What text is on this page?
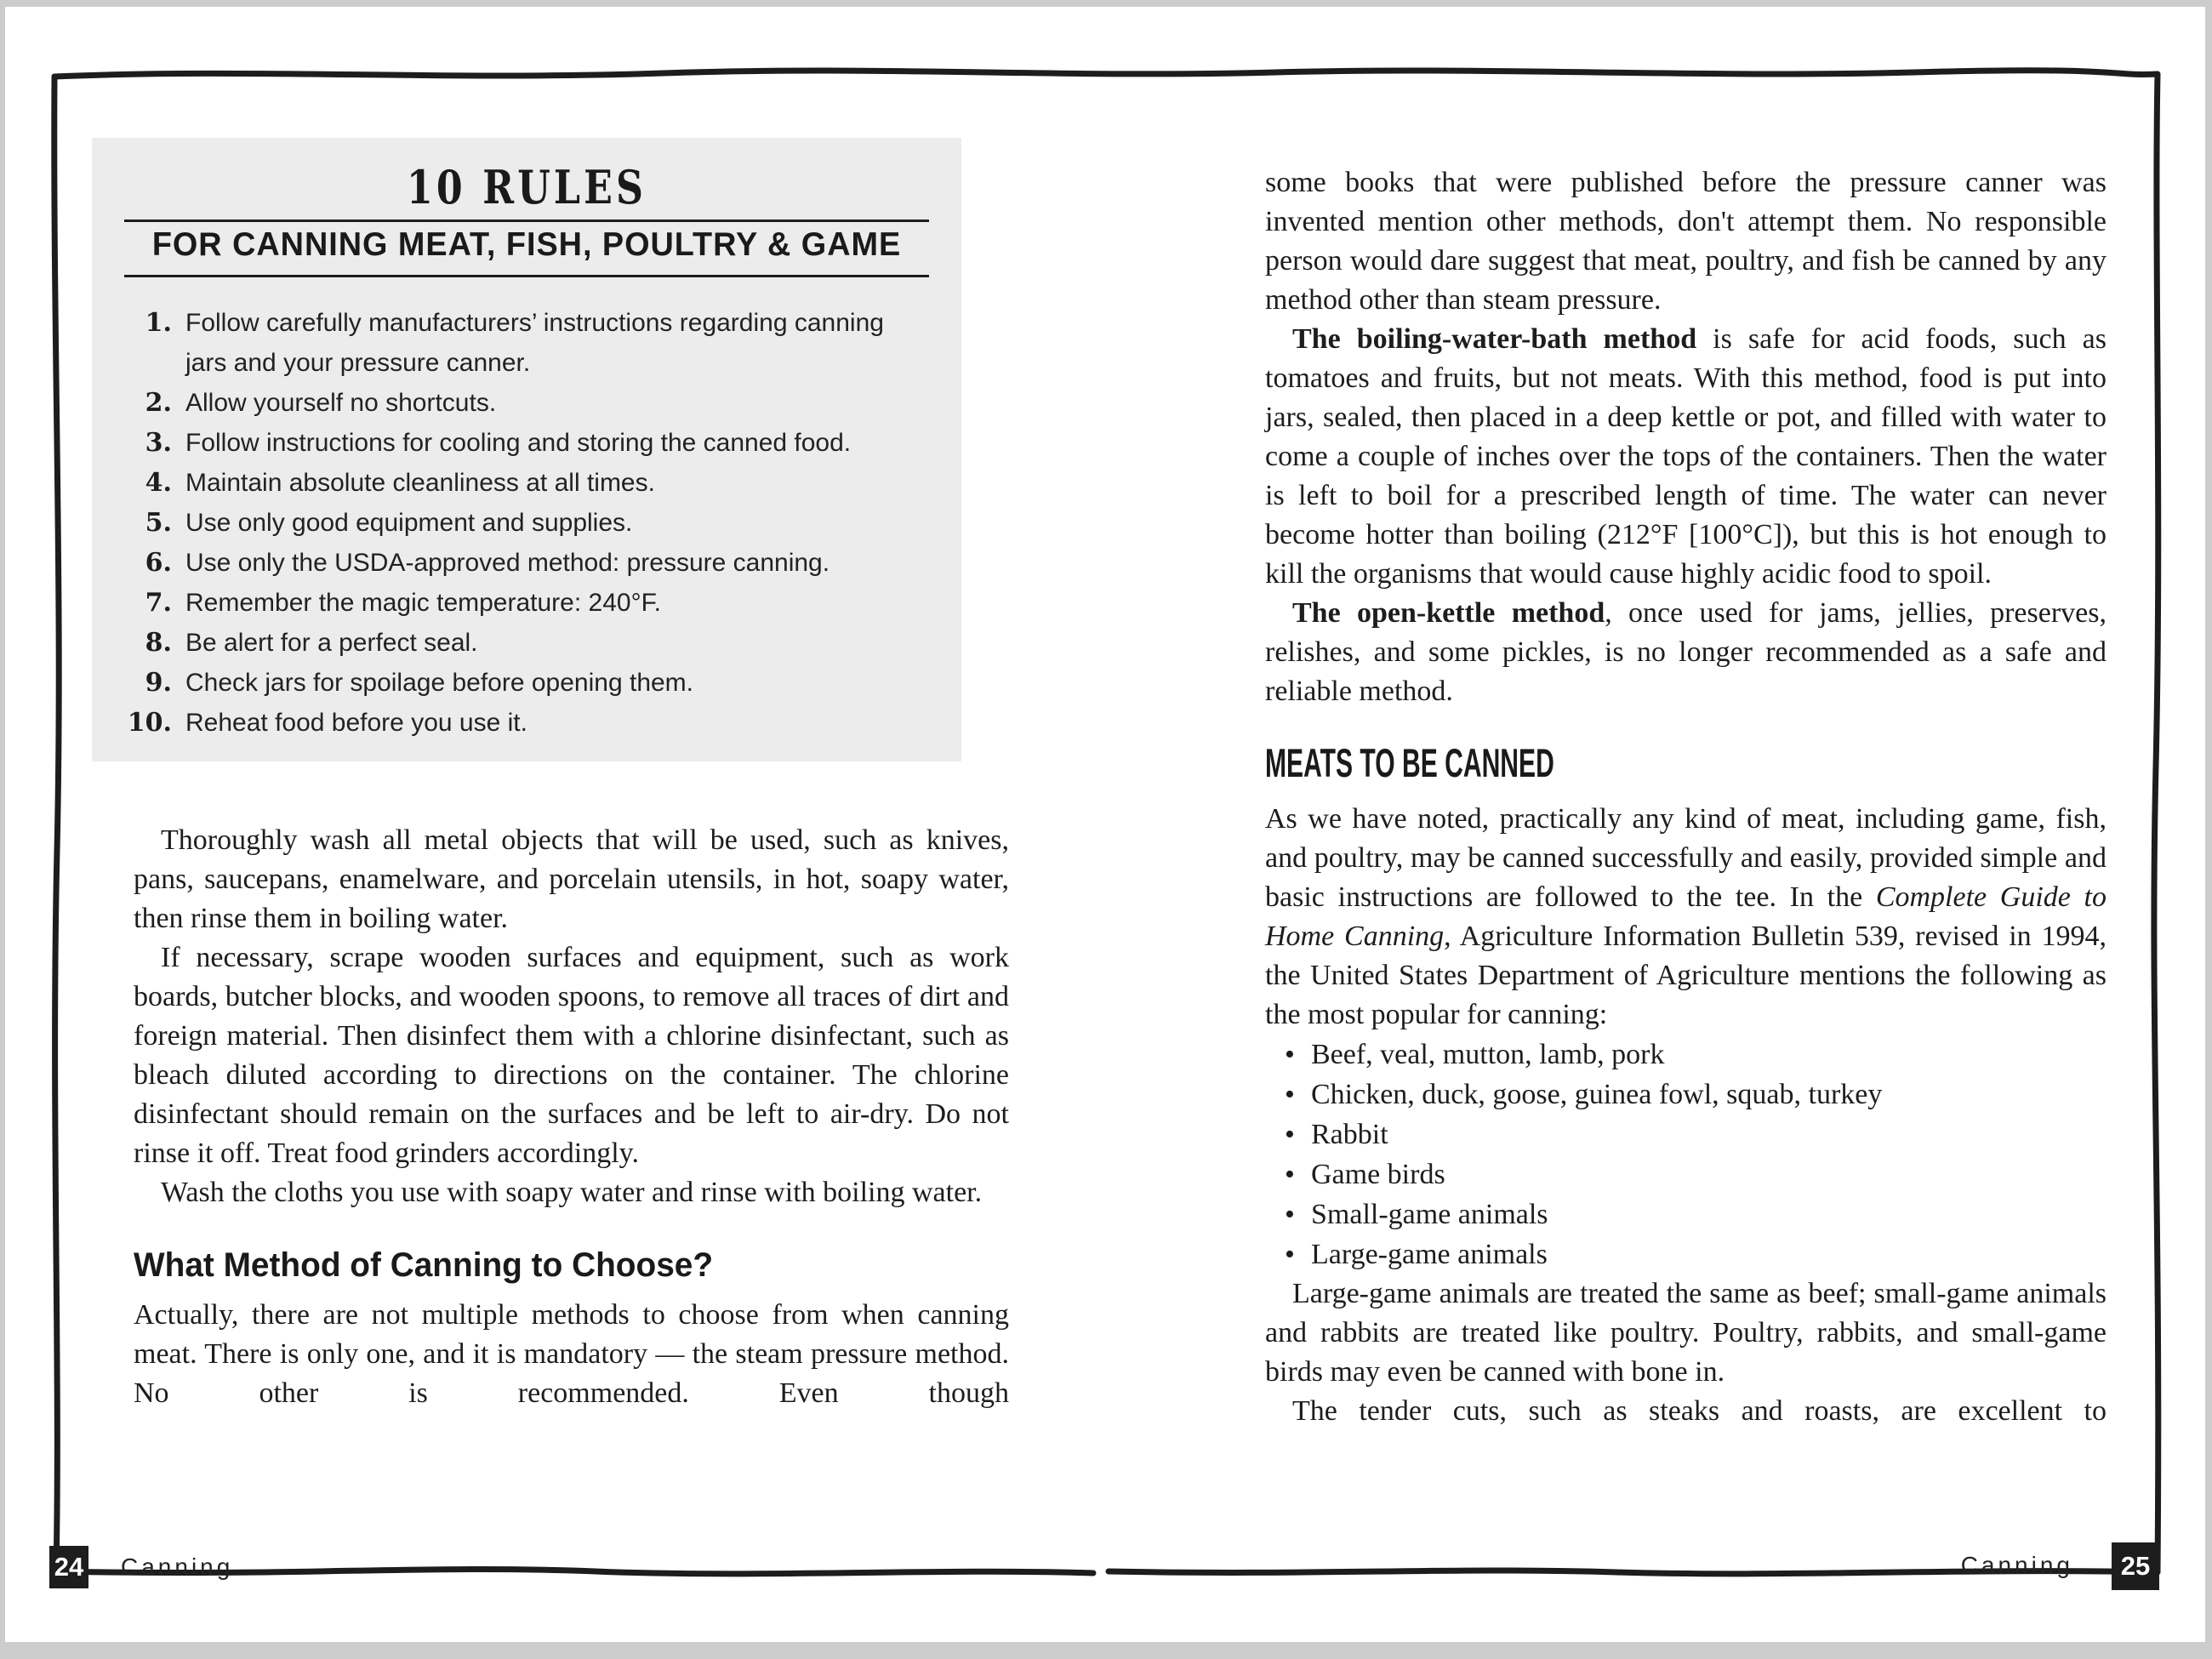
10 RULES
FOR CANNING MEAT, FISH, POULTRY & GAME
1. Follow carefully manufacturers’ instructions regarding canning jars and your pressure canner.
2. Allow yourself no shortcuts.
3. Follow instructions for cooling and storing the canned food.
4. Maintain absolute cleanliness at all times.
5. Use only good equipment and supplies.
6. Use only the USDA-approved method: pressure canning.
7. Remember the magic temperature: 240°F.
8. Be alert for a perfect seal.
9. Check jars for spoilage before opening them.
10. Reheat food before you use it.

Thoroughly wash all metal objects that will be used, such as knives, pans, saucepans, enamelware, and porcelain utensils, in hot, soapy water, then rinse them in boiling water.

If necessary, scrape wooden surfaces and equipment, such as work boards, butcher blocks, and wooden spoons, to remove all traces of dirt and foreign material. Then disinfect them with a chlorine disinfectant, such as bleach diluted according to directions on the container. The chlorine disinfectant should remain on the surfaces and be left to air-dry. Do not rinse it off. Treat food grinders accordingly.

Wash the cloths you use with soapy water and rinse with boiling water.

What Method of Canning to Choose?

Actually, there are not multiple methods to choose from when canning meat. There is only one, and it is mandatory — the steam pressure method. No other is recommended. Even though

some books that were published before the pressure canner was invented mention other methods, don't attempt them. No responsible person would dare suggest that meat, poultry, and fish be canned by any method other than steam pressure.

The boiling-water-bath method is safe for acid foods, such as tomatoes and fruits, but not meats. With this method, food is put into jars, sealed, then placed in a deep kettle or pot, and filled with water to come a couple of inches over the tops of the containers. Then the water is left to boil for a prescribed length of time. The water can never become hotter than boiling (212°F [100°C]), but this is hot enough to kill the organisms that would cause highly acidic food to spoil.

The open-kettle method, once used for jams, jellies, preserves, relishes, and some pickles, is no longer recommended as a safe and reliable method.

MEATS TO BE CANNED

As we have noted, practically any kind of meat, including game, fish, and poultry, may be canned successfully and easily, provided simple and basic instructions are followed to the tee. In the Complete Guide to Home Canning, Agriculture Information Bulletin 539, revised in 1994, the United States Department of Agriculture mentions the following as the most popular for canning:

• Beef, veal, mutton, lamb, pork
• Chicken, duck, goose, guinea fowl, squab, turkey
• Rabbit
• Game birds
• Small-game animals
• Large-game animals

Large-game animals are treated the same as beef; small-game animals and rabbits are treated like poultry. Poultry, rabbits, and small-game birds may even be canned with bone in.

The tender cuts, such as steaks and roasts, are excellent to

24 Canning	Canning	25
